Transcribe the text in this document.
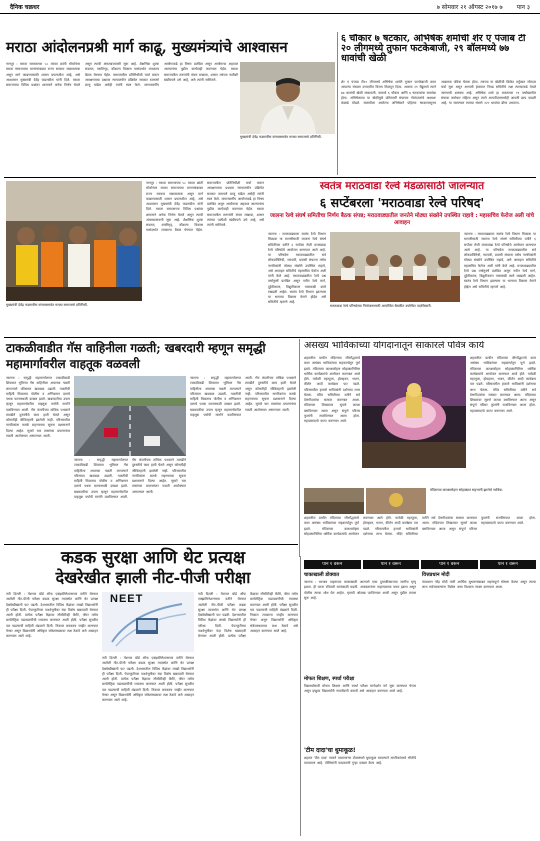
दैनिक चक्रधर	७ सोमवार २१ ऑगस्ट २०१७ ७ पान ३
मराठा आंदोलनप्रश्री मार्ग काढू, मुख्यमंत्र्यांचे आश्वासन
नागपूर : मराठा समाजाच्या ५८ मराठा क्रांती मोर्चानंतर मराठा समाजाच्या मागण्यांबाबत राज्य सरकार सकारात्मक असून मार्ग काढण्यासाठी शासन प्रयत्नशील आहे, असे आश्वासन मुख्यमंत्री देवेंद्र फडणवीस यांनी दिले. मराठा समाजाच्या विविध प्रश्नांवर शासनाने अनेक निर्णय घेतले असून त्याची अंमलबजावणी सुरू आहे. शैक्षणिक शुल्क सवलत, वसतिगृह, कौशल्य विकास यासंदर्भात लवकरच बैठक घेण्यात येईल. समाजातील प्रतिनिधींशी चर्चा करून आरक्षणाच्या प्रश्नावर न्यायालयीन प्रक्रियेत सरकार ठामपणे बाजू मांडेल असेही त्यांनी स्पष्ट केले. मागासवर्गीय आयोगाकडे हा विषय प्रलंबित असून आयोगाचा अहवाल आल्यानंतर पुढील कार्यवाही करण्यात येईल. मराठा समाजातील तरुणांनी संयम राखावा, शासन त्यांच्या पाठीशी खंबीरपणे उभे आहे, असे त्यांनी सांगितले.
मुख्यमंत्री देवेंद्र फडणवीस यांच्यासमवेत मराठा समाजाचे प्रतिनिधी.
६ चौकार ७ षटकार, अभिषेक शर्माची शेर ए पंजाब टी २० लीगमध्ये तुफान फटकेबाजी, २९ बॉलमध्ये ७७ धावांची खेळी
शेर ए पंजाब टी२० लीगमध्ये अभिषेक शर्माने तुफान फटकेबाजी करत आपल्या संघाला दणदणीत विजय मिळवून दिला. अवघ्या २९ चेंडूंमध्ये त्याने ७७ धावांची खेळी साकारली. यामध्ये ६ चौकार आणि ७ षटकारांचा समावेश होता. अभिषेकच्या या खेळीमुळे प्रतिस्पर्धी संघाच्या गोलंदाजांचे अक्षरशः कंबरडे मोडले. सलामीला आलेल्या अभिषेकने पहिल्या षटकापासूनच आक्रमक पवित्रा घेतला होता. त्याच्या या खेळीची क्रिकेट वर्तुळात जोरदार चर्चा सुरू असून आगामी हंगामात निवड समितीचे लक्ष त्याच्याकडे वेधले जाण्याची शक्यता आहे. अभिषेक शर्मा हा भारताच्या १९ वर्षांखालील संघाचा कर्णधार राहिला असून त्याने आयपीएलमध्येही आपली छाप पाडली आहे. या सामन्यात त्याच्या संघाने २२० धावांचा डोंगर उभारला.
मुख्यमंत्री देवेंद्र फडणवीस यांच्यासमवेत मराठा समाजाचे प्रतिनिधी.
नागपूर : मराठा समाजाच्या ५८ मराठा क्रांती मोर्चानंतर मराठा समाजाच्या मागण्यांबाबत राज्य सरकार सकारात्मक असून मार्ग काढण्यासाठी शासन प्रयत्नशील आहे, असे आश्वासन मुख्यमंत्री देवेंद्र फडणवीस यांनी दिले. मराठा समाजाच्या विविध प्रश्नांवर शासनाने अनेक निर्णय घेतले असून त्याची अंमलबजावणी सुरू आहे. शैक्षणिक शुल्क सवलत, वसतिगृह, कौशल्य विकास यासंदर्भात लवकरच बैठक घेण्यात येईल. समाजातील प्रतिनिधींशी चर्चा करून आरक्षणाच्या प्रश्नावर न्यायालयीन प्रक्रियेत सरकार ठामपणे बाजू मांडेल असेही त्यांनी स्पष्ट केले. मागासवर्गीय आयोगाकडे हा विषय प्रलंबित असून आयोगाचा अहवाल आल्यानंतर पुढील कार्यवाही करण्यात येईल. मराठा समाजातील तरुणांनी संयम राखावा, शासन त्यांच्या पाठीशी खंबीरपणे उभे आहे, असे त्यांनी सांगितले.
स्वतंत्र मराठवाडा रेल्वे मंडळासाठी जालन्यात
६ सप्टेंबरला 'मराठवाडा रेल्वे परिषद'
जालना रेल्वे संघर्ष समितीचा निर्णय बैठक संपन्न; मराठवाड्यातील जनतेने मोठ्या संख्येने उपस्थित राहावे : महासचिव फेरोज अली यांचे आवाहन
जालना : मराठवाड्याला स्वतंत्र रेल्वे विभाग मिळावा या मागणीसाठी जालना रेल्वे संघर्ष समितीच्या वतीने ६ सप्टेंबर रोजी मराठवाडा रेल्वे परिषदेचे आयोजन करण्यात आले आहे. या परिषदेस मराठवाड्यातील सर्व लोकप्रतिनिधी, व्यापारी, प्रवासी संघटना तसेच नागरिकांनी मोठ्या संख्येने उपस्थित राहावे, असे आवाहन समितीचे महासचिव फेरोज अली यांनी केले आहे. मराठवाड्यातील रेल्वे प्रश्न वर्षानुवर्षे प्रलंबित असून नवीन रेल्वे मार्ग, दुहेरीकरण, विद्युतीकरण यासारखी कामे रखडली आहेत. स्वतंत्र रेल्वे विभाग झाल्यास या भागाचा विकास वेगाने होईल असे समितीचे म्हणणे आहे.
मराठवाडा रेल्वे परिषदेच्या नियोजनासाठी आयोजित बैठकीत उपस्थित पदाधिकारी.
जालना : मराठवाड्याला स्वतंत्र रेल्वे विभाग मिळावा या मागणीसाठी जालना रेल्वे संघर्ष समितीच्या वतीने ६ सप्टेंबर रोजी मराठवाडा रेल्वे परिषदेचे आयोजन करण्यात आले आहे. या परिषदेस मराठवाड्यातील सर्व लोकप्रतिनिधी, व्यापारी, प्रवासी संघटना तसेच नागरिकांनी मोठ्या संख्येने उपस्थित राहावे, असे आवाहन समितीचे महासचिव फेरोज अली यांनी केले आहे. मराठवाड्यातील रेल्वे प्रश्न वर्षानुवर्षे प्रलंबित असून नवीन रेल्वे मार्ग, दुहेरीकरण, विद्युतीकरण यासारखी कामे रखडली आहेत. स्वतंत्र रेल्वे विभाग झाल्यास या भागाचा विकास वेगाने होईल असे समितीचे म्हणणे आहे.
टाकळीवाडीत गॅस वाहिनीला गळती; खबरदारी म्हणून समृद्धी महामार्गावरील वाहतूक वळवली
जालना : समृद्धी महामार्गालगत टाकळीवाडी शिवारात भूमिगत गॅस वाहिनीला अचानक गळती लागल्याने परिसरात खळबळ उडाली. गळतीची माहिती मिळताच पोलीस व अग्निशमन दलाचे पथक घटनास्थळी दाखल झाले. खबरदारीचा उपाय म्हणून महामार्गावरील वाहतूक पर्यायी मार्गाने वळविण्यात आली. गॅस कंपनीच्या तांत्रिक पथकाने तातडीने दुरुस्तीचे काम हाती घेतले असून कोणतीही जीवितहानी झालेली नाही. परिसरातील नागरिकांना सतर्क राहण्याच्या सूचना प्रशासनाने दिल्या आहेत. सुमारे चार तासांच्या प्रयत्नानंतर गळती आटोक्यात आणण्यात आली.
जालना : समृद्धी महामार्गालगत टाकळीवाडी शिवारात भूमिगत गॅस वाहिनीला अचानक गळती लागल्याने परिसरात खळबळ उडाली. गळतीची माहिती मिळताच पोलीस व अग्निशमन दलाचे पथक घटनास्थळी दाखल झाले. खबरदारीचा उपाय म्हणून महामार्गावरील वाहतूक पर्यायी मार्गाने वळविण्यात आली. गॅस कंपनीच्या तांत्रिक पथकाने तातडीने दुरुस्तीचे काम हाती घेतले असून कोणतीही जीवितहानी झालेली नाही. परिसरातील नागरिकांना सतर्क राहण्याच्या सूचना प्रशासनाने दिल्या आहेत. सुमारे चार तासांच्या प्रयत्नानंतर गळती आटोक्यात आणण्यात आली.
जालना : समृद्धी महामार्गालगत टाकळीवाडी शिवारात भूमिगत गॅस वाहिनीला अचानक गळती लागल्याने परिसरात खळबळ उडाली. गळतीची माहिती मिळताच पोलीस व अग्निशमन दलाचे पथक घटनास्थळी दाखल झाले. खबरदारीचा उपाय म्हणून महामार्गावरील वाहतूक पर्यायी मार्गाने वळविण्यात आली. गॅस कंपनीच्या तांत्रिक पथकाने तातडीने दुरुस्तीचे काम हाती घेतले असून कोणतीही जीवितहानी झालेली नाही. परिसरातील नागरिकांना सतर्क राहण्याच्या सूचना प्रशासनाने दिल्या आहेत. सुमारे चार तासांच्या प्रयत्नानंतर गळती आटोक्यात आणण्यात आली.
असंख्य भाविकांच्या योगदानातून साकारले पवित्र कार्य
शहरातील प्राचीन मंदिराच्या जीर्णोद्धाराचे काम असंख्य भाविकांच्या सहकार्यातून पूर्ण झाले. मंदिराच्या कलशारोहण सोहळ्यानिमित्त धार्मिक कार्यक्रमांचे आयोजन करण्यात आले होते. यावेळी महापूजा, होमहवन, भजन, कीर्तन आदी कार्यक्रम पार पडले. परिसरातील हजारो भाविकांनी दर्शनाचा लाभ घेतला. मंदिर समितीच्या वतीने सर्व देणगीदारांचा सत्कार करण्यात आला. मंदिराच्या शिखरावर सुवर्ण कलश बसविण्यात आला असून संपूर्ण परिसर फुलांनी सजविण्यात आला होता. महाप्रसादाचे वाटप करण्यात आले.
शहरातील प्राचीन मंदिराच्या जीर्णोद्धाराचे काम असंख्य भाविकांच्या सहकार्यातून पूर्ण झाले. मंदिराच्या कलशारोहण सोहळ्यानिमित्त धार्मिक कार्यक्रमांचे आयोजन करण्यात आले होते. यावेळी महापूजा, होमहवन, भजन, कीर्तन आदी कार्यक्रम पार पडले. परिसरातील हजारो भाविकांनी दर्शनाचा लाभ घेतला. मंदिर समितीच्या वतीने सर्व देणगीदारांचा सत्कार करण्यात आला. मंदिराच्या शिखरावर सुवर्ण कलश बसविण्यात आला असून संपूर्ण परिसर फुलांनी सजविण्यात आला होता. महाप्रसादाचे वाटप करण्यात आले.
मंदिराच्या कलशारोहण सोहळ्यात सहभागी झालेले भाविक.
शहरातील प्राचीन मंदिराच्या जीर्णोद्धाराचे काम असंख्य भाविकांच्या सहकार्यातून पूर्ण झाले. मंदिराच्या कलशारोहण सोहळ्यानिमित्त धार्मिक कार्यक्रमांचे आयोजन करण्यात आले होते. यावेळी महापूजा, होमहवन, भजन, कीर्तन आदी कार्यक्रम पार पडले. परिसरातील हजारो भाविकांनी दर्शनाचा लाभ घेतला. मंदिर समितीच्या वतीने सर्व देणगीदारांचा सत्कार करण्यात आला. मंदिराच्या शिखरावर सुवर्ण कलश बसविण्यात आला असून संपूर्ण परिसर फुलांनी सजविण्यात आला होता. महाप्रसादाचे वाटप करण्यात आले.
कडक सुरक्षा आणि थेट प्रत्यक्ष
देखरेखीत झाली नीट-पीजी परीक्षा
नवी दिल्ली : नॅशनल बोर्ड ऑफ एक्झामिनेशन्सच्या वतीने घेण्यात आलेली नीट-पीजी परीक्षा कडक सुरक्षा व्यवस्थेत आणि थेट प्रत्यक्ष देखरेखीखाली पार पडली. देशभरातील विविध केंद्रांवर लाखो विद्यार्थ्यांनी ही परीक्षा दिली. पेपरफुटीच्या पार्श्वभूमीवर यंदा विशेष खबरदारी घेण्यात आली होती. प्रत्येक परीक्षा केंद्रावर सीसीटीव्ही कॅमेरे, जॅमर तसेच बायोमेट्रिक पडताळणीची व्यवस्था करण्यात आली होती. परीक्षा सुरळीत पार पडल्याची माहिती मंडळाने दिली. निकाल लवकरच जाहीर करण्यात येणार असून विद्यार्थ्यांनी अधिकृत संकेतस्थळावर लक्ष ठेवावे असे आवाहन करण्यात आले आहे.
NEET
नवी दिल्ली : नॅशनल बोर्ड ऑफ एक्झामिनेशन्सच्या वतीने घेण्यात आलेली नीट-पीजी परीक्षा कडक सुरक्षा व्यवस्थेत आणि थेट प्रत्यक्ष देखरेखीखाली पार पडली. देशभरातील विविध केंद्रांवर लाखो विद्यार्थ्यांनी ही परीक्षा दिली. पेपरफुटीच्या पार्श्वभूमीवर यंदा विशेष खबरदारी घेण्यात आली होती. प्रत्येक परीक्षा केंद्रावर सीसीटीव्ही कॅमेरे, जॅमर तसेच बायोमेट्रिक पडताळणीची व्यवस्था करण्यात आली होती. परीक्षा सुरळीत पार पडल्याची माहिती मंडळाने दिली. निकाल लवकरच जाहीर करण्यात येणार असून विद्यार्थ्यांनी अधिकृत संकेतस्थळावर लक्ष ठेवावे असे आवाहन करण्यात आले आहे.
नवी दिल्ली : नॅशनल बोर्ड ऑफ एक्झामिनेशन्सच्या वतीने घेण्यात आलेली नीट-पीजी परीक्षा कडक सुरक्षा व्यवस्थेत आणि थेट प्रत्यक्ष देखरेखीखाली पार पडली. देशभरातील विविध केंद्रांवर लाखो विद्यार्थ्यांनी ही परीक्षा दिली. पेपरफुटीच्या पार्श्वभूमीवर यंदा विशेष खबरदारी घेण्यात आली होती. प्रत्येक परीक्षा केंद्रावर सीसीटीव्ही कॅमेरे, जॅमर तसेच बायोमेट्रिक पडताळणीची व्यवस्था करण्यात आली होती. परीक्षा सुरळीत पार पडल्याची माहिती मंडळाने दिली. निकाल लवकरच जाहीर करण्यात येणार असून विद्यार्थ्यांनी अधिकृत संकेतस्थळावर लक्ष ठेवावे असे आवाहन करण्यात आले आहे.
पान १ वरून	पान १ वरून	पान १ वरून	पान १ वरून
चाकाखाली डोक्यात
जालना : भरधाव वाहनाच्या चाकाखाली आल्याने एका दुचाकीस्वाराचा जागीच मृत्यू झाला. ही घटना रविवारी सायंकाळी घडली. अपघातानंतर वाहनचालक फरार झाला असून पोलीस त्याचा शोध घेत आहेत. मृताची ओळख पटविण्यात आली असून पुढील तपास सुरू आहे.
वित्तप्रधान मोदी
पंतप्रधान नरेंद्र मोदी यांनी आर्थिक सुधारणांबाबत महत्त्वपूर्ण घोषणा केल्या असून त्याचा लाभ सर्वसामान्यांना मिळेल असा विश्वास व्यक्त करण्यात आला.
मोफत शिक्षण, स्पर्धा परीक्षा
विद्यार्थ्यांसाठी मोफत शिक्षण आणि स्पर्धा परीक्षा मार्गदर्शन वर्ग सुरू करण्यात येणार असून इच्छुक विद्यार्थ्यांनी नावनोंदणी करावी असे आवाहन करण्यात आले आहे.
'टीम दादा'चा धुमाकूळ!
शहरात 'टीम दादा' नावाने वावरणाऱ्या टोळक्याने धुमाकूळ घातल्याने नागरिकांमध्ये भीतीचे वातावरण आहे. पोलिसांनी याप्रकरणी गुन्हा दाखल केला आहे.
